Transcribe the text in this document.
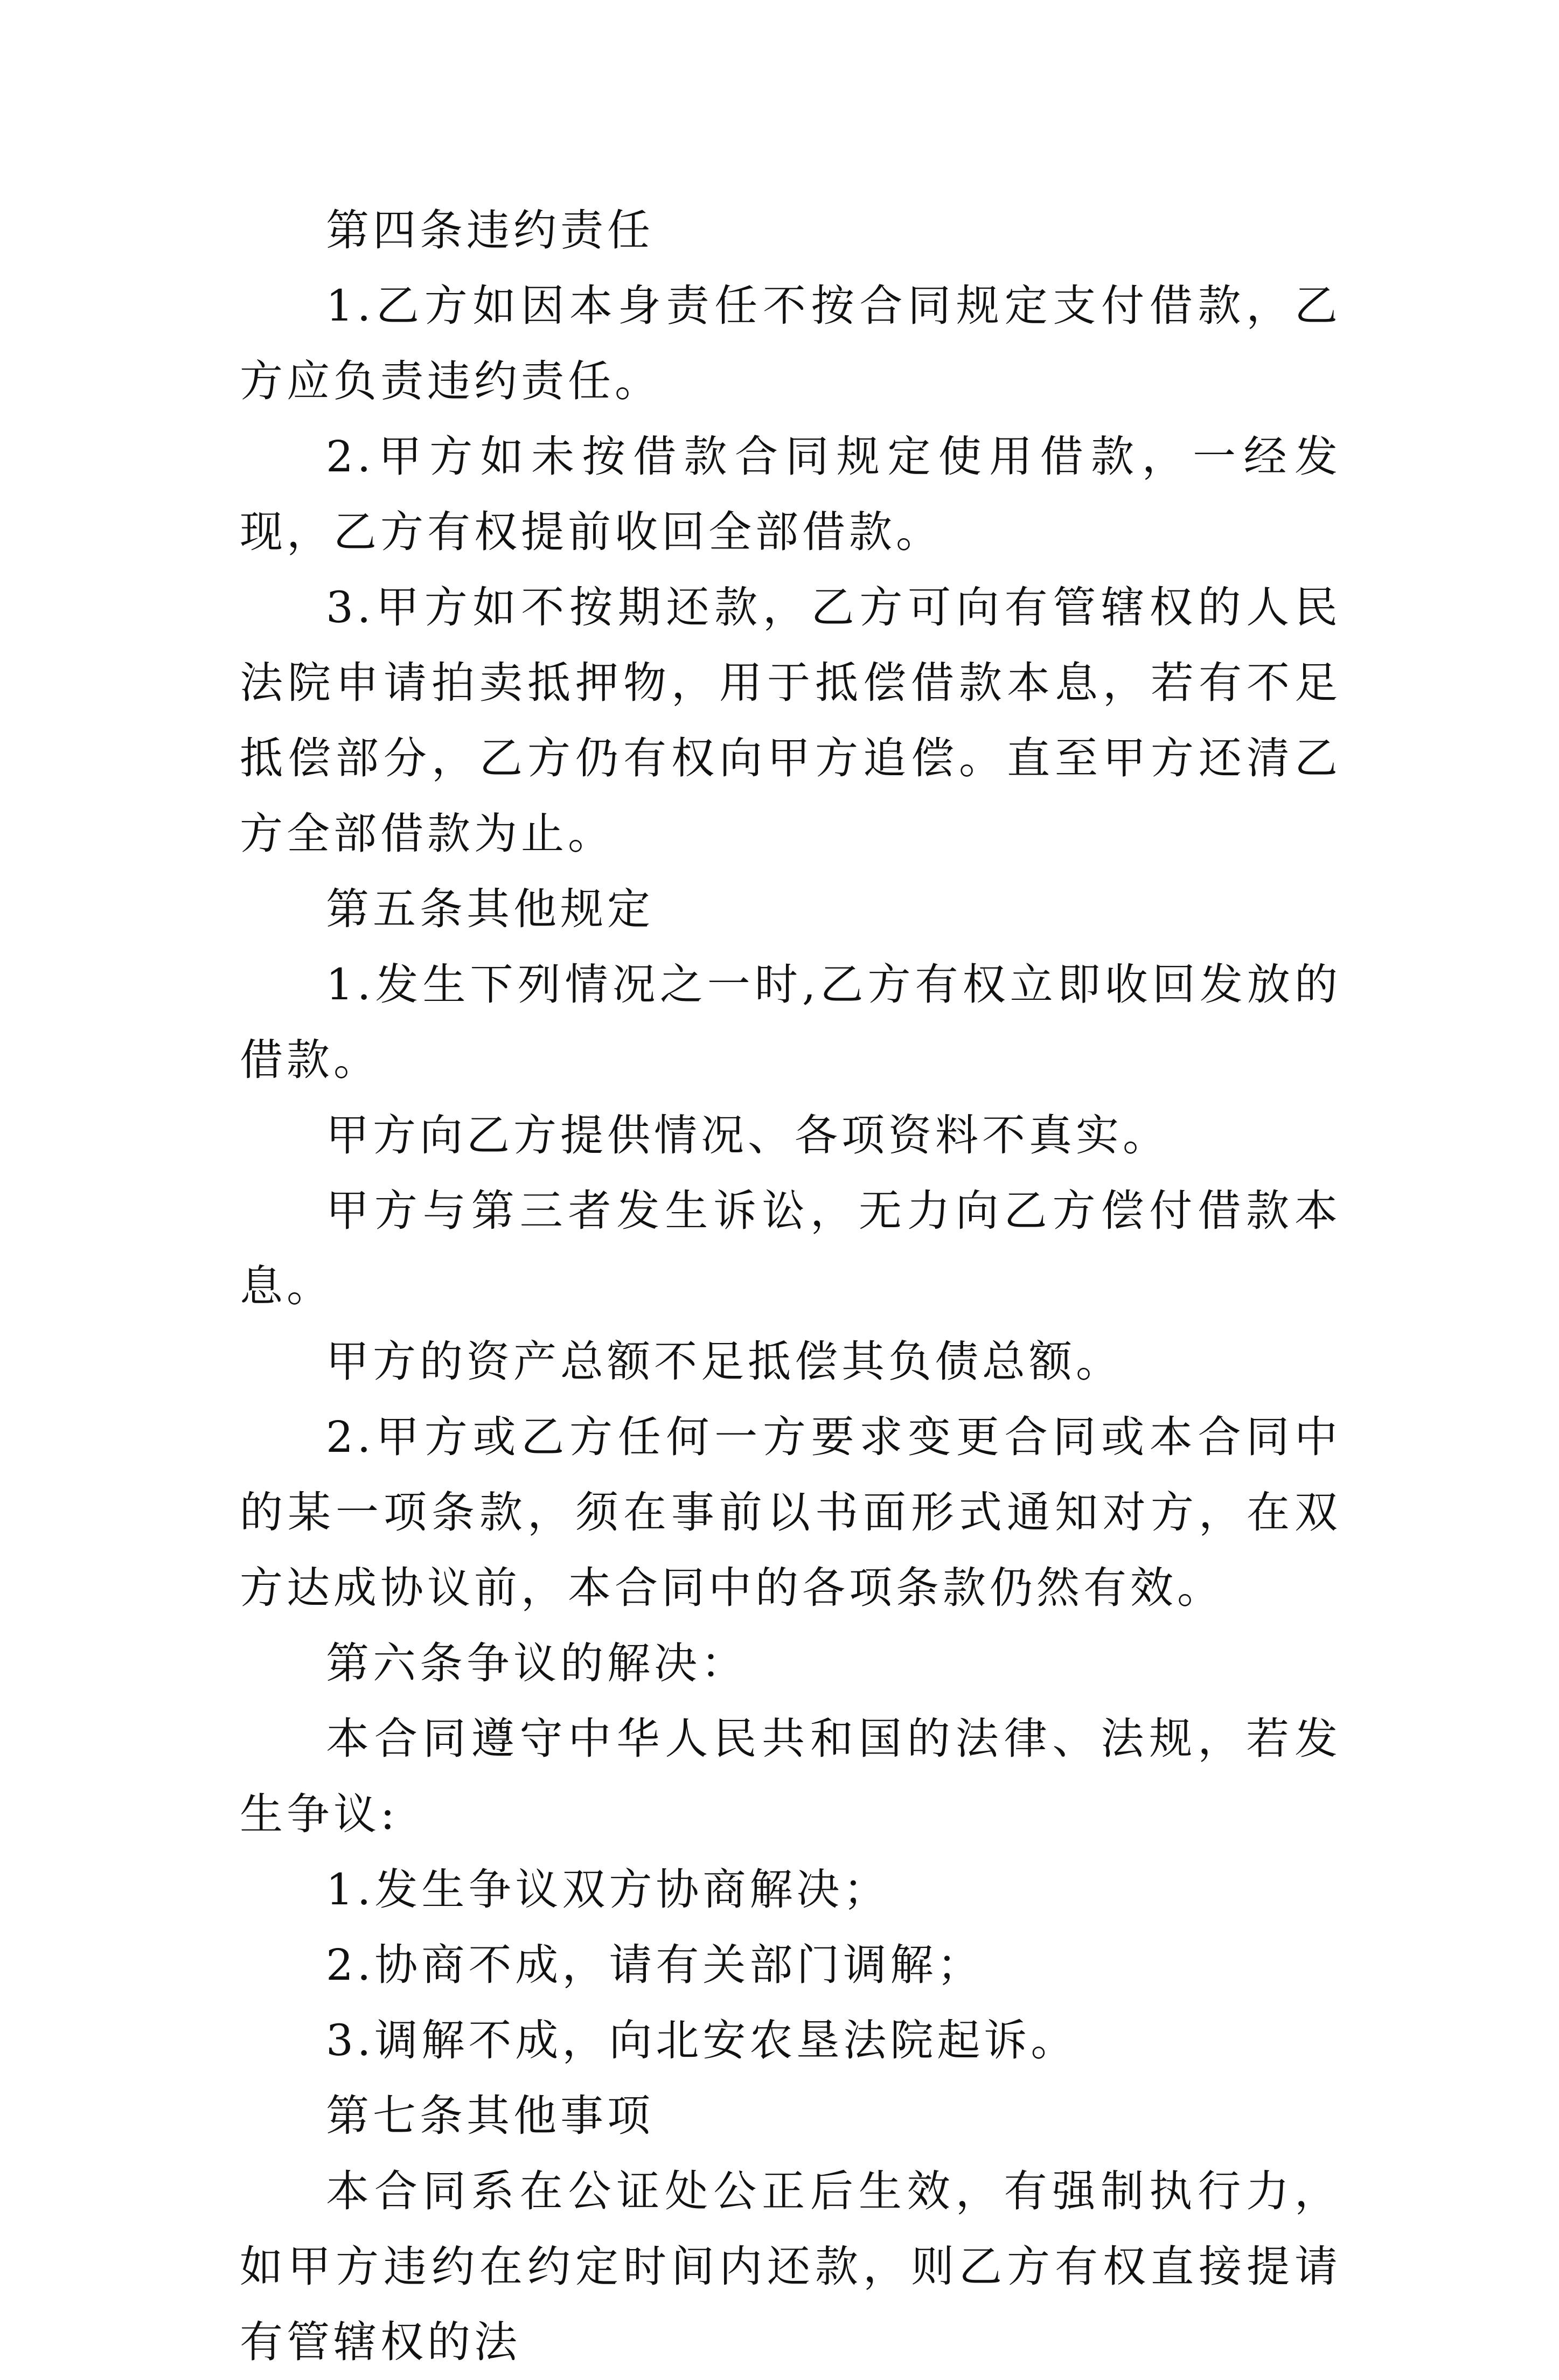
第四条违约责任

1.乙方如因本身责任不按合同规定支付借款，乙方应负责违约责任。

2.甲方如未按借款合同规定使用借款，一经发现，乙方有权提前收回全部借款。

3.甲方如不按期还款，乙方可向有管辖权的人民法院申请拍卖抵押物，用于抵偿借款本息，若有不足抵偿部分，乙方仍有权向甲方追偿。直至甲方还清乙方全部借款为止。

第五条其他规定

1.发生下列情况之一时,乙方有权立即收回发放的借款。

甲方向乙方提供情况、各项资料不真实。

甲方与第三者发生诉讼，无力向乙方偿付借款本息。

甲方的资产总额不足抵偿其负债总额。

2.甲方或乙方任何一方要求变更合同或本合同中的某一项条款，须在事前以书面形式通知对方，在双方达成协议前，本合同中的各项条款仍然有效。

第六条争议的解决：

本合同遵守中华人民共和国的法律、法规，若发生争议:

1.发生争议双方协商解决；

2.协商不成，请有关部门调解；

3.调解不成，向北安农垦法院起诉。

第七条其他事项

本合同系在公证处公正后生效，有强制执行力，如甲方违约在约定时间内还款，则乙方有权直接提请有管辖权的法
